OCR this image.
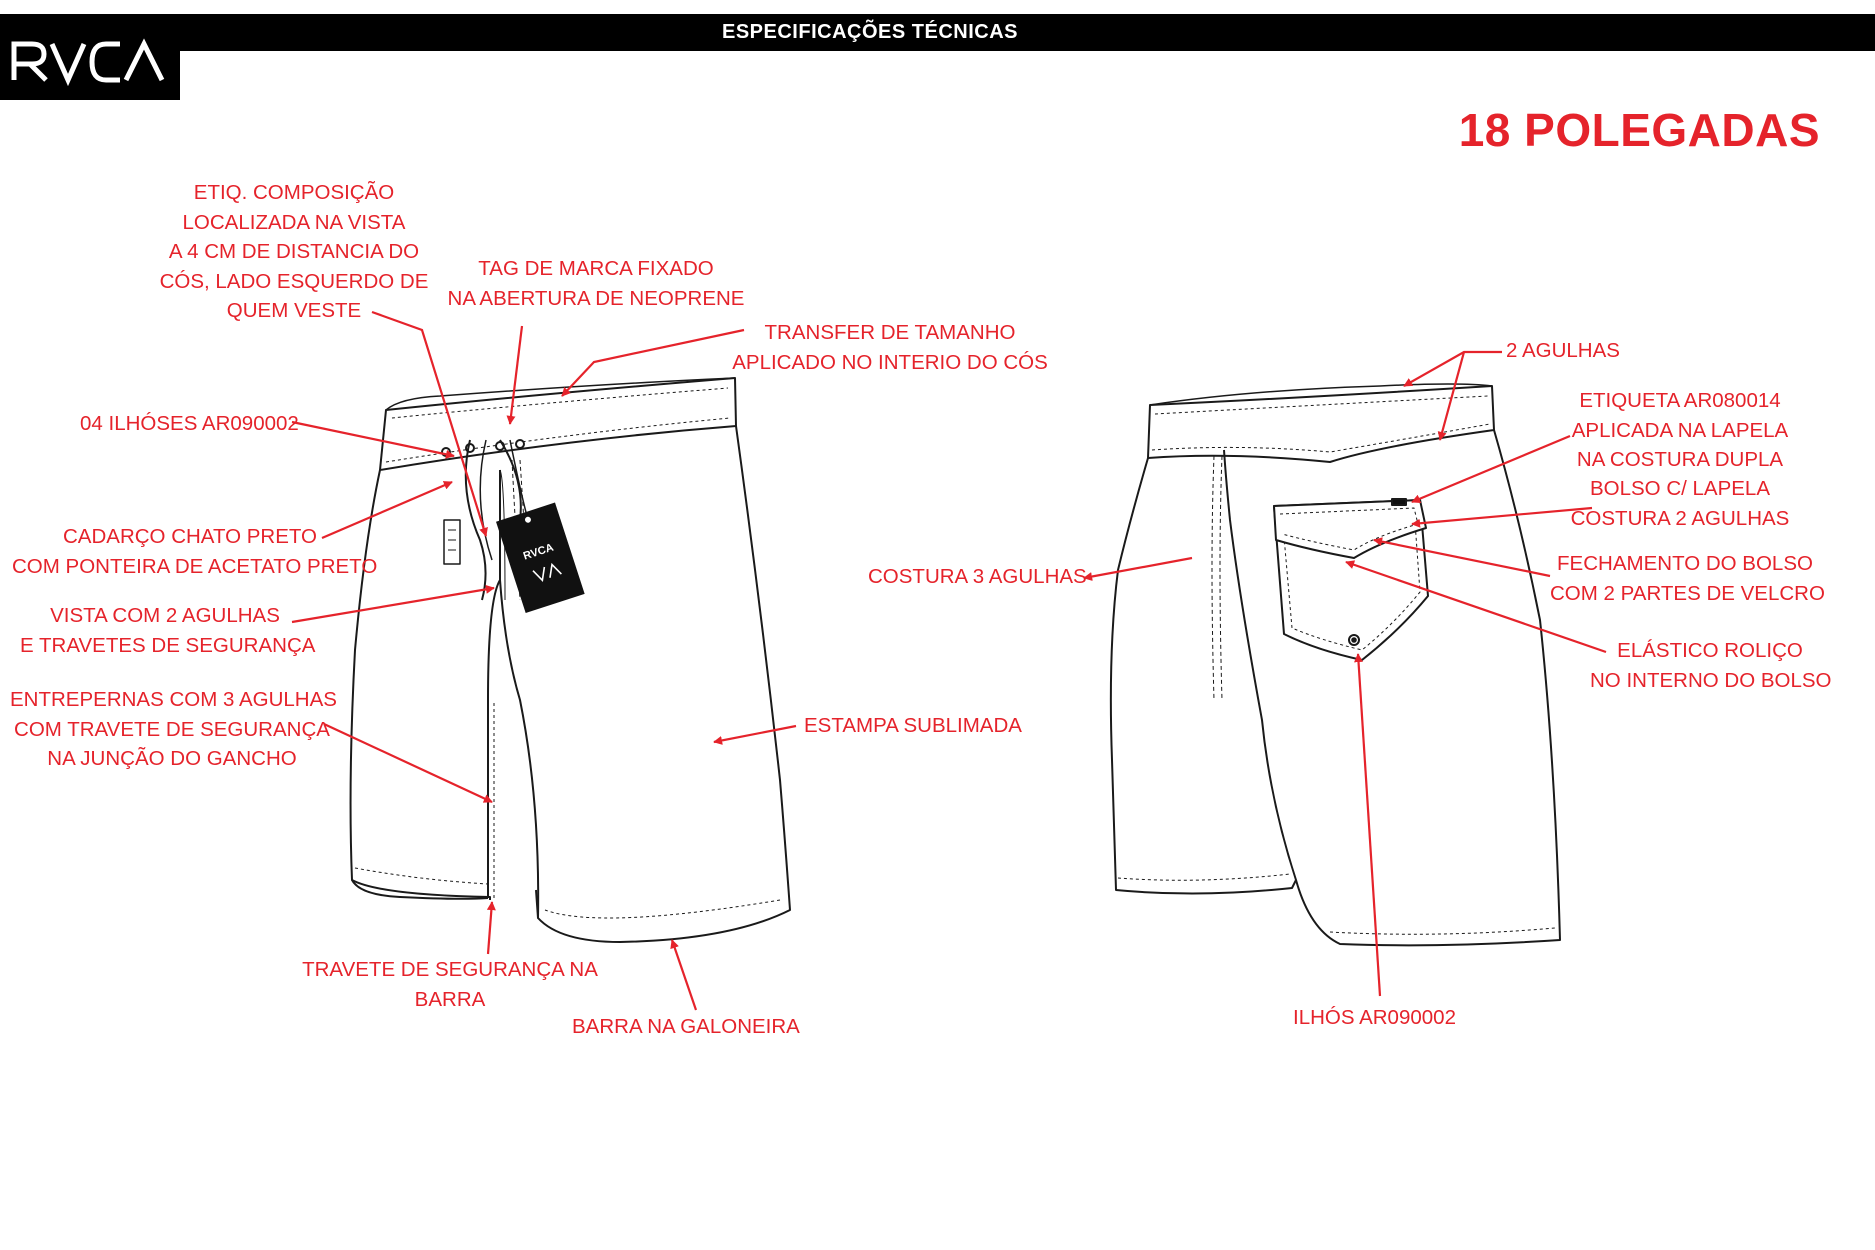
ESPECIFICAÇÕES TÉCNICAS
18 POLEGADAS
RVCA
ETIQ. COMPOSIÇÃO
LOCALIZADA NA VISTA
A 4 CM DE DISTANCIA DO
CÓS, LADO ESQUERDO DE
QUEM VESTE
TAG DE MARCA FIXADO
NA ABERTURA DE NEOPRENE
TRANSFER DE TAMANHO
APLICADO NO INTERIO DO CÓS
04 ILHÓSES AR090002
CADARÇO CHATO PRETO
COM PONTEIRA DE ACETATO PRETO
VISTA COM 2 AGULHAS
E TRAVETES DE SEGURANÇA
ENTREPERNAS COM 3 AGULHAS
COM TRAVETE DE SEGURANÇA
NA JUNÇÃO DO GANCHO
ESTAMPA SUBLIMADA
TRAVETE DE SEGURANÇA NA
BARRA
BARRA NA GALONEIRA
2 AGULHAS
ETIQUETA AR080014
APLICADA NA LAPELA
NA COSTURA DUPLA
BOLSO C/ LAPELA
COSTURA 2 AGULHAS
COSTURA 3 AGULHAS
FECHAMENTO DO BOLSO
COM 2 PARTES DE VELCRO
ELÁSTICO ROLIÇO
NO INTERNO DO BOLSO
ILHÓS AR090002
